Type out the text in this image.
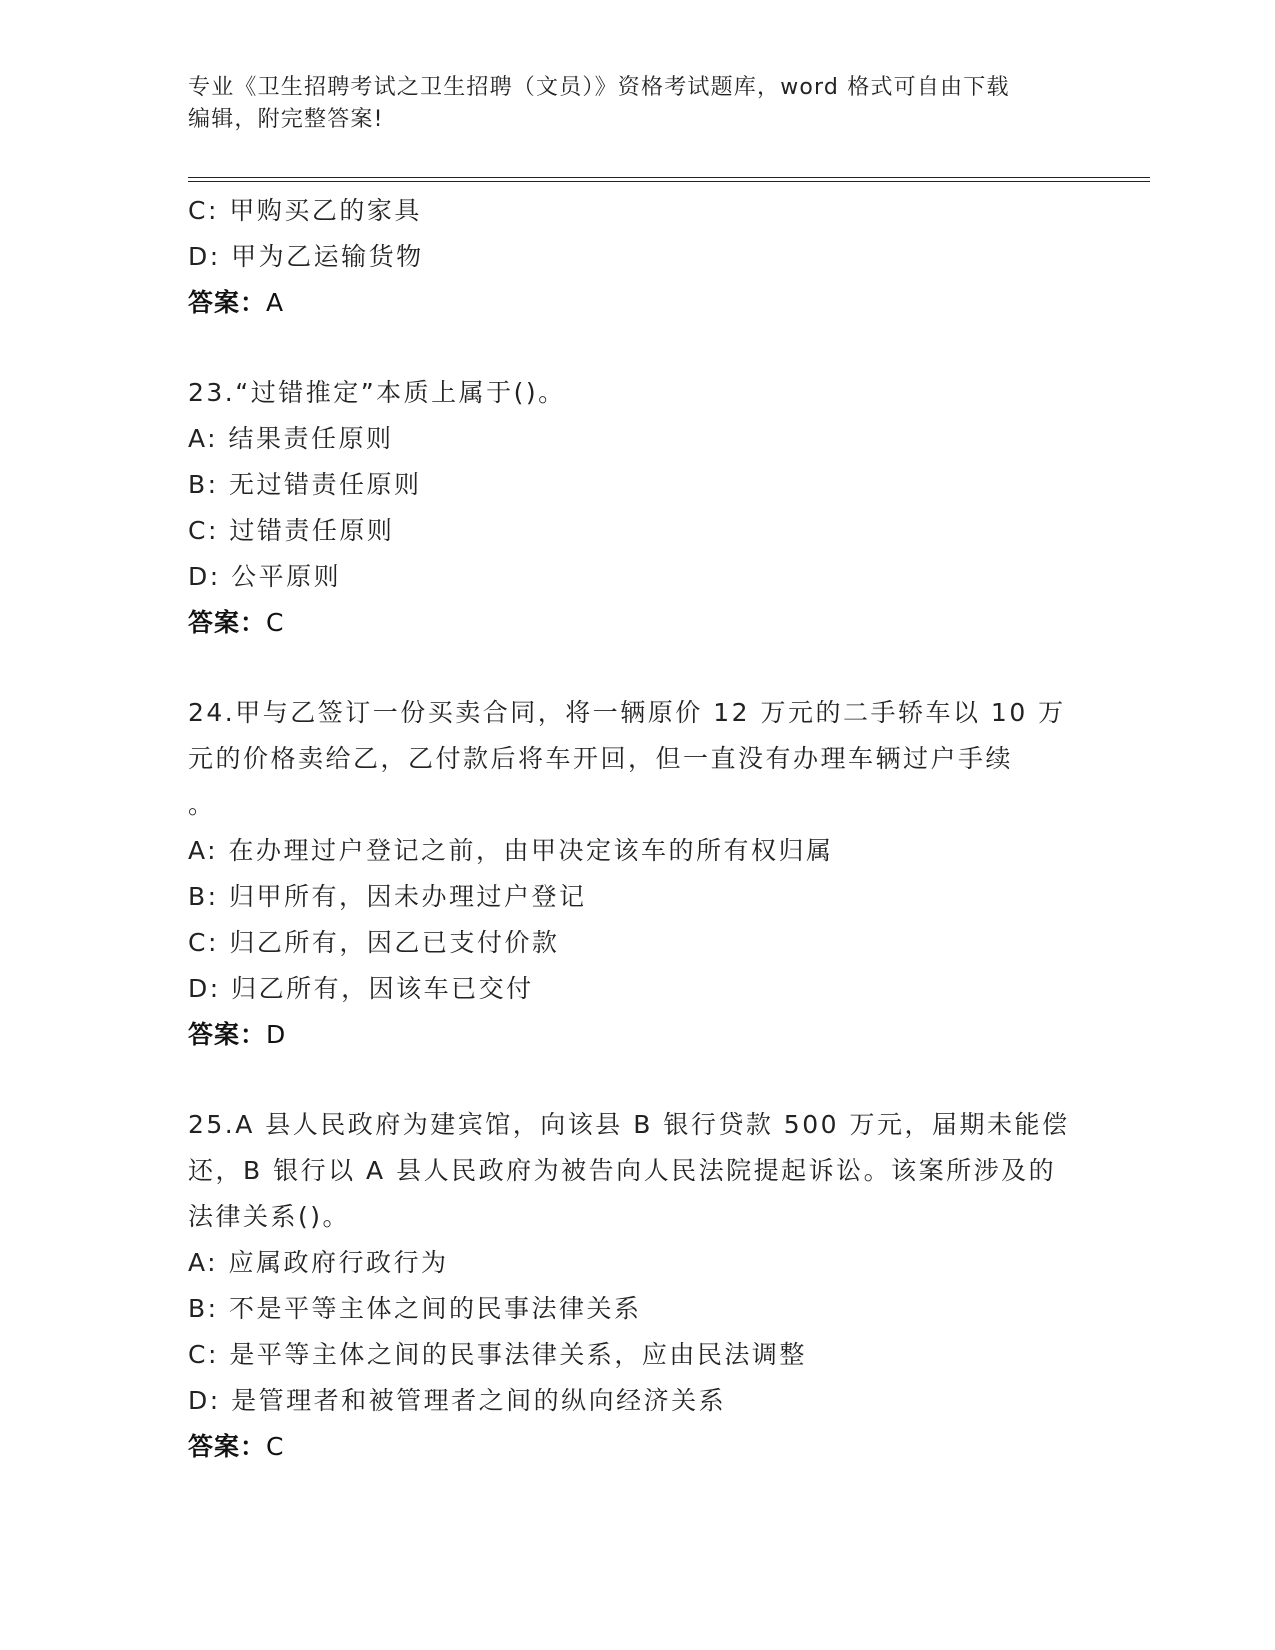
专业《卫生招聘考试之卫生招聘（文员）》资格考试题库，word 格式可自由下载
编辑，附完整答案!
C: 甲购买乙的家具
D: 甲为乙运输货物
答案：A
23.“过错推定”本质上属于()。
A: 结果责任原则
B: 无过错责任原则
C: 过错责任原则
D: 公平原则
答案：C
24.甲与乙签订一份买卖合同，将一辆原价 12 万元的二手轿车以 10 万
元的价格卖给乙，乙付款后将车开回，但一直没有办理车辆过户手续
。
A: 在办理过户登记之前，由甲决定该车的所有权归属
B: 归甲所有，因未办理过户登记
C: 归乙所有，因乙已支付价款
D: 归乙所有，因该车已交付
答案：D
25.A 县人民政府为建宾馆，向该县 B 银行贷款 500 万元，届期未能偿
还，B 银行以 A 县人民政府为被告向人民法院提起诉讼。该案所涉及的
法律关系()。
A: 应属政府行政行为
B: 不是平等主体之间的民事法律关系
C: 是平等主体之间的民事法律关系，应由民法调整
D: 是管理者和被管理者之间的纵向经济关系
答案：C
